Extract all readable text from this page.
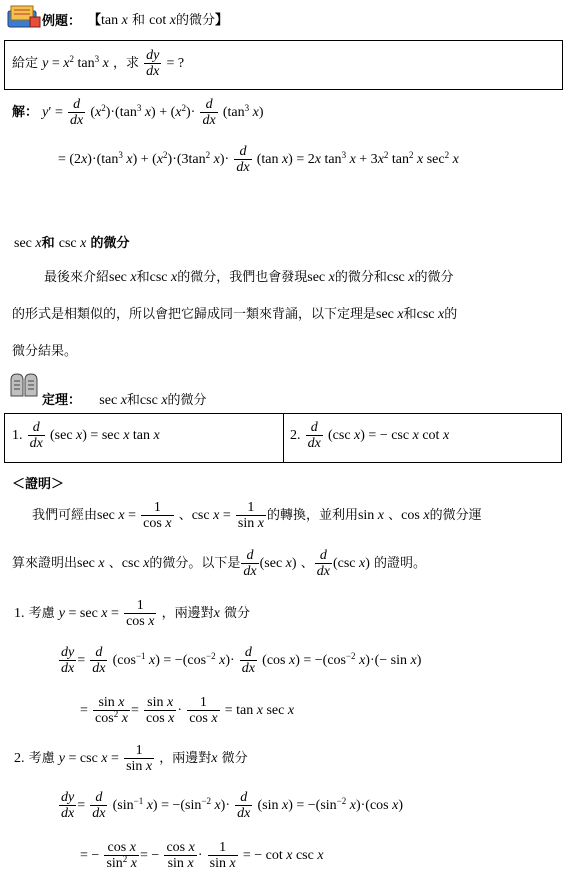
例題： 【tan x 和 cot x的微分】
給定 $y = x^2$ $\tan^3 x$ ，求 $\frac{dy}{dx}$ = ?
解： $y' = \frac{d}{dx} (x^2)\cdot(\tan^3$ $x) + (x^2)\cdot \frac{d}{dx} (\tan^3$ x)
= $(2x)\cdot(\tan^3$ $x) + (x^2)\cdot(3\tan^2$ $x)\cdot \frac{d}{dx} (\tan$ x) = 2x $\tan^3 x + 3x^2$ $\tan^2 x$ $\sec^2 x$
sec x和 csc x 的微分
最後來介紹sec x和csc x的微分，我們也會發現sec x的微分和csc x的微分
的形式是相類似的，所以會把它歸成同一類來背誦，以下定理是sec x和csc x的
微分結果。
定理： sec x和csc x的微分
1. $\frac{d}{dx} (\sec$ x) = sec x tan x	2. $\frac{d}{dx} (\csc$ x) = − csc x cot x
＜證明＞
我們可經由$\sec x = \frac{1}{\text{cos x}}$ 、$\csc x = \frac{1}{\text{sin x}}$ 的轉換，並利用sin x 、cos x的微分運
算來證明出sec x 、csc x的微分。以下是 $\frac{d}{dx} (\sec$ x) 、 $\frac{d}{dx} (\csc$ x) 的證明。
1. 考慮 $y = \sec x = \frac{1}{\text{cos x}}$ ，兩邊對x 微分
$\frac{dy}{dx} = \frac{d}{dx} (\cos^{-1}$ $x) = -(\cos^{-2}$ $x)\cdot \frac{d}{dx} (\cos$ $x) = -(\cos^{-2}$ x)·(− sin x)
= $\frac{\text{sin x}}{\cos^2 x} = \frac{\text{sin x}}{\text{cos x}} \cdot \frac{1}{\text{cos x}} = \tan x$ sec x
2. 考慮 $y = \csc x = \frac{1}{\text{sin x}}$ ，兩邊對x 微分
$\frac{dy}{dx} = \frac{d}{dx} (\sin^{-1}$ $x) = -(\sin^{-2}$ $x)\cdot \frac{d}{dx} (\sin$ $x) = -(\sin^{-2}$ x)·(cos x)
= − $\frac{\text{cos x}}{\sin^2 x}$ = − $\frac{\text{cos x}}{\text{sin x}} \cdot \frac{1}{\text{sin x}}$ = − cot x csc x
